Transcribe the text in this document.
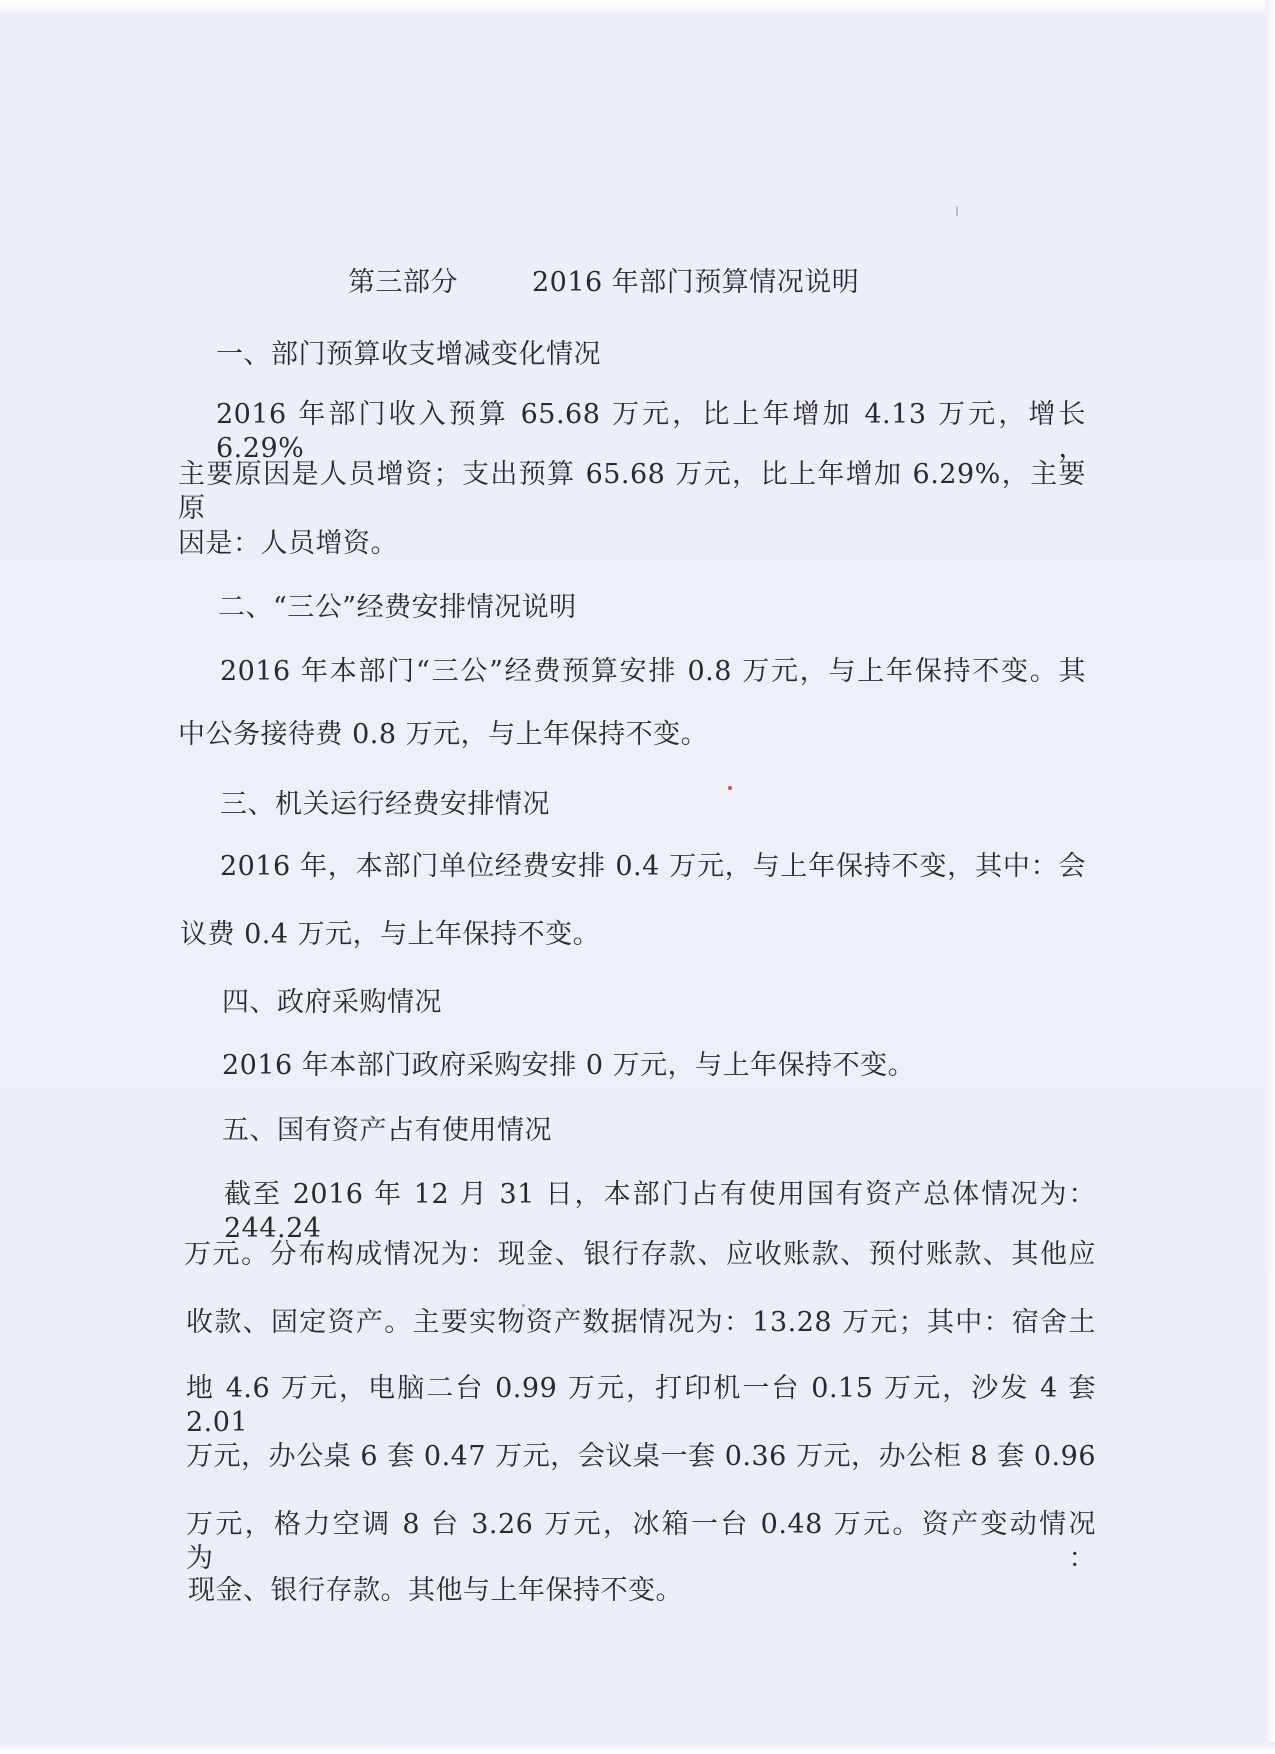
第三部分	2016 年部门预算情况说明
一、部门预算收支增减变化情况
2016 年部门收入预算 65.68 万元，比上年增加 4.13 万元，增长 6.29%，
主要原因是人员增资；支出预算 65.68 万元，比上年增加 6.29%，主要原
因是：人员增资。
二、“三公”经费安排情况说明
2016 年本部门“三公”经费预算安排 0.8 万元，与上年保持不变。其
中公务接待费 0.8 万元，与上年保持不变。
三、机关运行经费安排情况
2016 年，本部门单位经费安排 0.4 万元，与上年保持不变，其中：会
议费 0.4 万元，与上年保持不变。
四、政府采购情况
2016 年本部门政府采购安排 0 万元，与上年保持不变。
五、国有资产占有使用情况
截至 2016 年 12 月 31 日，本部门占有使用国有资产总体情况为：244.24
万元。分布构成情况为：现金、银行存款、应收账款、预付账款、其他应
收款、固定资产。主要实物资产数据情况为：13.28 万元；其中：宿舍土
地 4.6 万元，电脑二台 0.99 万元，打印机一台 0.15 万元，沙发 4 套 2.01
万元，办公桌 6 套 0.47 万元，会议桌一套 0.36 万元，办公柜 8 套 0.96
万元，格力空调 8 台 3.26 万元，冰箱一台 0.48 万元。资产变动情况为：
现金、银行存款。其他与上年保持不变。
